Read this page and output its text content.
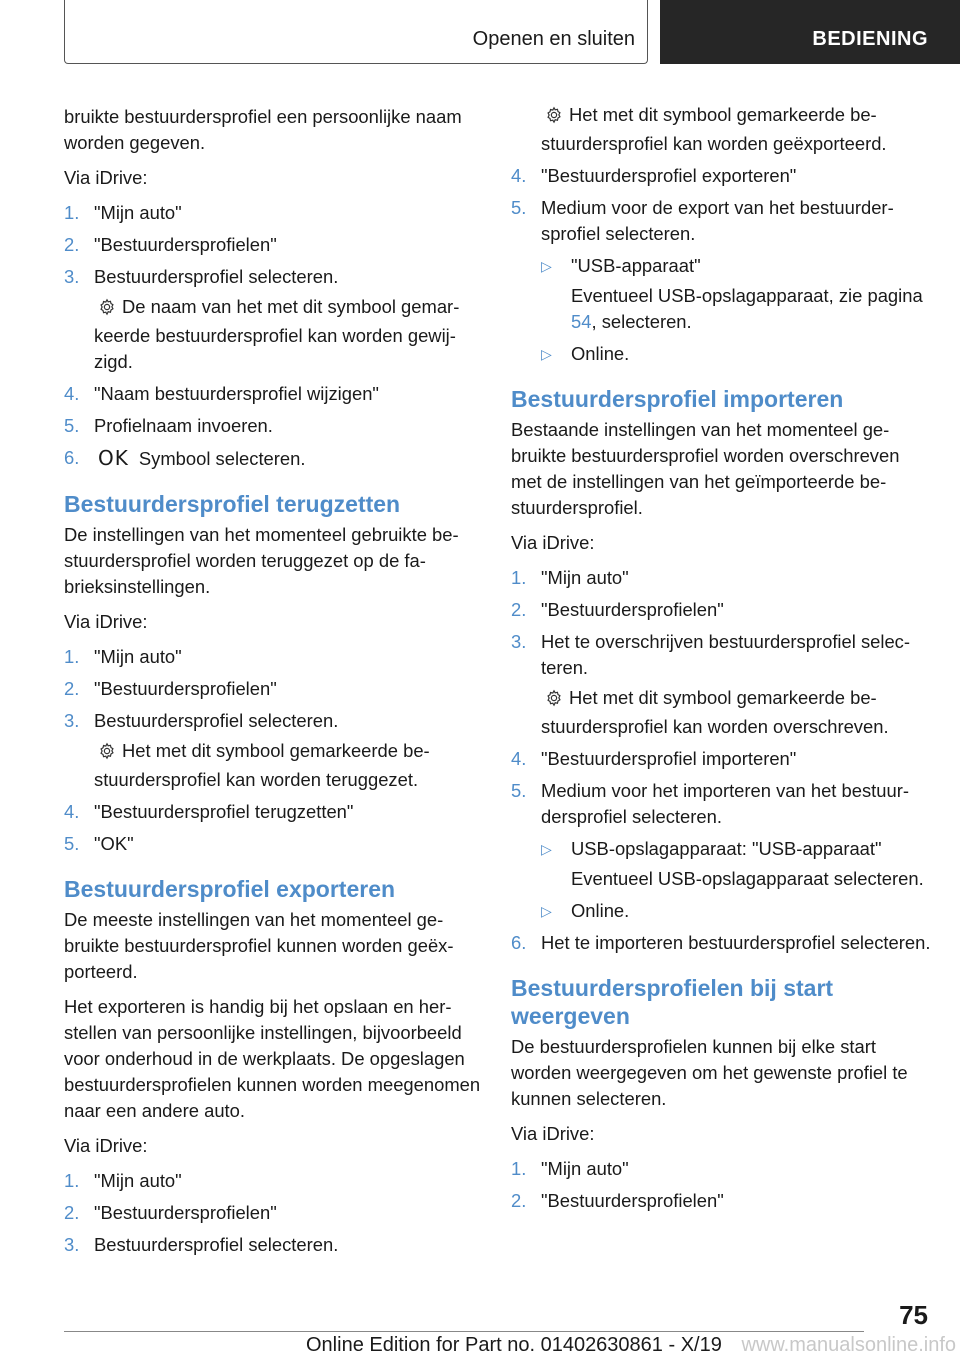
Openen en sluiten	BEDIENING

bruikte bestuurdersprofiel een persoonlijke naam worden gegeven.

Via iDrive:

1. "Mijn auto"
2. "Bestuurdersprofielen"
3. Bestuurdersprofiel selecteren.

De naam van het met dit symbool gemarkeerde bestuurdersprofiel kan worden gewijzigd.

4. "Naam bestuurdersprofiel wijzigen"
5. Profielnaam invoeren.
6. OK Symbool selecteren.
Bestuurdersprofiel terugzetten

De instellingen van het momenteel gebruikte bestuurdersprofiel worden teruggezet op de fabrieksinstellingen.

Via iDrive:

1. "Mijn auto"
2. "Bestuurdersprofielen"
3. Bestuurdersprofiel selecteren.

Het met dit symbool gemarkeerde bestuurdersprofiel kan worden teruggezet.

4. "Bestuurdersprofiel terugzetten"
5. "OK"
Bestuurdersprofiel exporteren

De meeste instellingen van het momenteel gebruikte bestuurdersprofiel kunnen worden geëxporteerd.

Het exporteren is handig bij het opslaan en herstellen van persoonlijke instellingen, bijvoorbeeld voor onderhoud in de werkplaats. De opgeslagen bestuurdersprofielen kunnen worden meegenomen naar een andere auto.

Via iDrive:

1. "Mijn auto"
2. "Bestuurdersprofielen"
3. Bestuurdersprofiel selecteren.

Het met dit symbool gemarkeerde bestuurdersprofiel kan worden geëxporteerd.

4. "Bestuurdersprofiel exporteren"
5. Medium voor de export van het bestuurdersprofiel selecteren.
▷ "USB-apparaat"

Eventueel USB-opslagapparaat, zie pagina 54, selecteren.

▷ Online.
Bestuurdersprofiel importeren

Bestaande instellingen van het momenteel gebruikte bestuurdersprofiel worden overschreven met de instellingen van het geïmporteerde bestuurdersprofiel.

Via iDrive:

1. "Mijn auto"
2. "Bestuurdersprofielen"
3. Het te overschrijven bestuurdersprofiel selecteren.

Het met dit symbool gemarkeerde bestuurdersprofiel kan worden overschreven.

4. "Bestuurdersprofiel importeren"
5. Medium voor het importeren van het bestuurdersprofiel selecteren.
▷ USB-opslagapparaat: "USB-apparaat"

Eventueel USB-opslagapparaat selecteren.

▷ Online.
6. Het te importeren bestuurdersprofiel selecteren.
Bestuurdersprofielen bij start weergeven

De bestuurdersprofielen kunnen bij elke start worden weergegeven om het gewenste profiel te kunnen selecteren.

Via iDrive:

1. "Mijn auto"
2. "Bestuurdersprofielen"
75
Online Edition for Part no. 01402630861 - X/19 www.manualsonline.info
